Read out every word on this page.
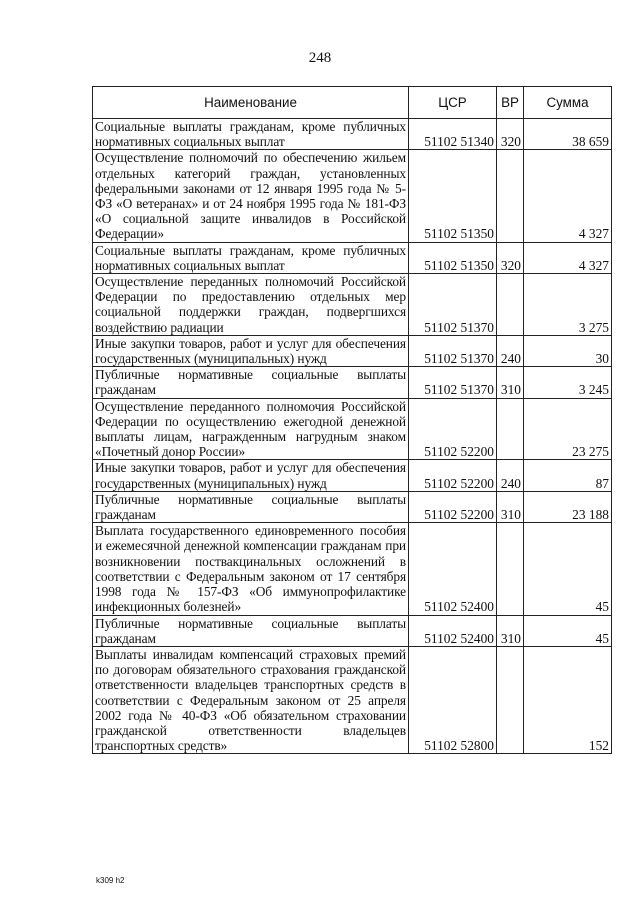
248
Наименование	ЦСР	ВР	Сумма
Социальные выплаты гражданам, кроме публичных нормативных социальных выплат	51102 51340	320	38 659
Осуществление полномочий по обеспечению жильем отдельных категорий граждан, установленных федеральными законами от 12 января 1995 года № 5-ФЗ «О ветеранах» и от 24 ноября 1995 года № 181-ФЗ «О социальной защите инвалидов в Российской Федерации»	51102 51350		4 327
Социальные выплаты гражданам, кроме публичных нормативных социальных выплат	51102 51350	320	4 327
Осуществление переданных полномочий Российской Федерации по предоставлению отдельных мер социальной поддержки граждан, подвергшихся воздействию радиации	51102 51370		3 275
Иные закупки товаров, работ и услуг для обеспечения государственных (муниципальных) нужд	51102 51370	240	30
Публичные нормативные социальные выплаты гражданам	51102 51370	310	3 245
Осуществление переданного полномочия Российской Федерации по осуществлению ежегодной денежной выплаты лицам, награжденным нагрудным знаком «Почетный донор России»	51102 52200		23 275
Иные закупки товаров, работ и услуг для обеспечения государственных (муниципальных) нужд	51102 52200	240	87
Публичные нормативные социальные выплаты гражданам	51102 52200	310	23 188
Выплата государственного единовременного пособия и ежемесячной денежной компенсации гражданам при возникновении поствакцинальных осложнений в соответствии с Федеральным законом от 17 сентября 1998 года № 157-ФЗ «Об иммунопрофилактике инфекционных болезней»	51102 52400		45
Публичные нормативные социальные выплаты гражданам	51102 52400	310	45
Выплаты инвалидам компенсаций страховых премий по договорам обязательного страхования гражданской ответственности владельцев транспортных средств в соответствии с Федеральным законом от 25 апреля 2002 года № 40-ФЗ «Об обязательном страховании гражданской ответственности владельцев транспортных средств»	51102 52800		152
k309 h2
